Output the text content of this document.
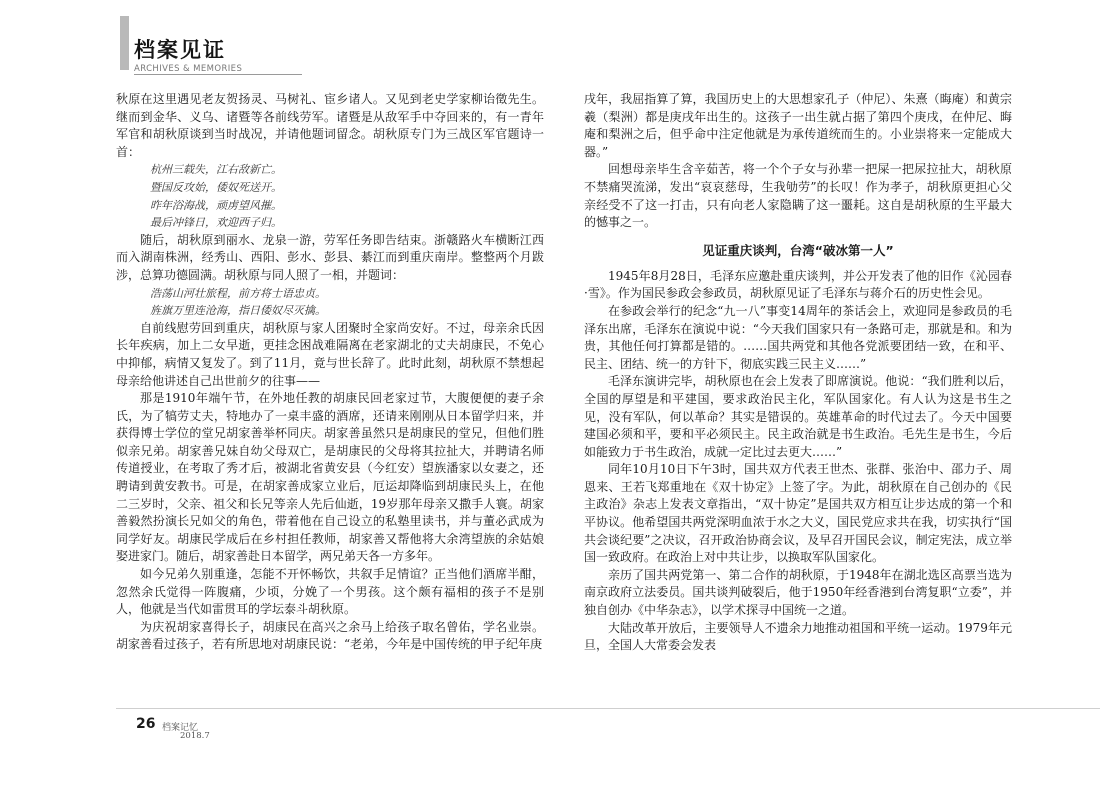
档案见证
ARCHIVES & MEMORIES

秋原在这里遇见老友贺扬灵、马树礼、宦乡诸人。又见到老史学家柳诒徵先生。继而到金华、义乌、诸暨等各前线劳军。诸暨是从敌军手中夺回来的，有一青年军官和胡秋原谈到当时战况，并请他题词留念。胡秋原专门为三战区军官题诗一首：

杭州三载失，江右敌新亡。
暨国反攻始，倭奴死送开。
昨年浴海战，顽虏望风摧。
最后冲锋日，欢迎西子归。

随后，胡秋原到丽水、龙泉一游，劳军任务即告结束。浙赣路火车横断江西而入湖南株洲，经秀山、西阳、彭水、彭县、綦江而到重庆南岸。整整两个月跋涉，总算功德圆满。胡秋原与同人照了一相，并题词：

浩荡山河壮旅程，前方将士语忠贞。
旌旗万里连沧海，指日倭奴尽灭擒。

自前线慰劳回到重庆，胡秋原与家人团聚时全家尚安好。不过，母亲余氏因长年疾病，加上二女早逝，更挂念困战难隔离在老家湖北的丈夫胡康民，不免心中抑郁，病情又复发了。到了11月，竟与世长辞了。此时此刻，胡秋原不禁想起母亲给他讲述自己出世前夕的往事——

那是1910年端午节，在外地任教的胡康民回老家过节，大腹便便的妻子余氏，为了犒劳丈夫，特地办了一桌丰盛的酒席，还请来刚刚从日本留学归来，并获得博士学位的堂兄胡家善举杯同庆。胡家善虽然只是胡康民的堂兄，但他们胜似亲兄弟。胡家善兄妹自幼父母双亡，是胡康民的父母将其拉扯大，并聘请名师传道授业，在考取了秀才后，被湖北省黄安县（今红安）望族潘家以女妻之，还聘请到黄安教书。可是，在胡家善成家立业后，厄运却降临到胡康民头上，在他二三岁时，父亲、祖父和长兄等亲人先后仙逝，19岁那年母亲又撒手人寰。胡家善毅然扮演长兄如父的角色，带着他在自己设立的私塾里读书，并与董必武成为同学好友。胡康民学成后在乡村担任教师，胡家善又帮他将大余湾望族的余姑娘娶进家门。随后，胡家善赴日本留学，两兄弟天各一方多年。

如今兄弟久别重逢，怎能不开怀畅饮，共叙手足情谊？正当他们酒席半酣，忽然余氏觉得一阵腹痛，少顷，分娩了一个男孩。这个颇有福相的孩子不是别人，他就是当代如雷贯耳的学坛泰斗胡秋原。

为庆祝胡家喜得长子，胡康民在高兴之余马上给孩子取名曾佑，学名业崇。胡家善看过孩子，若有所思地对胡康民说：“老弟，今年是中国传统的甲子纪年庚

戌年，我屈指算了算，我国历史上的大思想家孔子（仲尼）、朱熹（晦庵）和黄宗羲（梨洲）都是庚戌年出生的。这孩子一出生就占据了第四个庚戌，在仲尼、晦庵和梨洲之后，但乎命中注定他就是为承传道统而生的。小业崇将来一定能成大器。”

回想母亲毕生含辛茹苦，将一个个子女与孙辈一把屎一把尿拉扯大，胡秋原不禁痛哭流涕，发出“哀哀慈母，生我劬劳”的长叹！作为孝子，胡秋原更担心父亲经受不了这一打击，只有向老人家隐瞒了这一噩耗。这自是胡秋原的生平最大的憾事之一。

见证重庆谈判，台湾“破冰第一人”

1945年8月28日，毛泽东应邀赴重庆谈判，并公开发表了他的旧作《沁园春·雪》。作为国民参政会参政员，胡秋原见证了毛泽东与蒋介石的历史性会见。

在参政会举行的纪念“九一八”事变14周年的茶话会上，欢迎同是参政员的毛泽东出席，毛泽东在演说中说：“今天我们国家只有一条路可走，那就是和。和为贵，其他任何打算都是错的。……国共两党和其他各党派要团结一致，在和平、民主、团结、统一的方针下，彻底实践三民主义……”

毛泽东演讲完毕，胡秋原也在会上发表了即席演说。他说：“我们胜利以后，全国的厚望是和平建国，要求政治民主化，军队国家化。有人认为这是书生之见，没有军队，何以革命？其实是错误的。英雄革命的时代过去了。今天中国要建国必须和平，要和平必须民主。民主政治就是书生政治。毛先生是书生，今后如能致力于书生政治，成就一定比过去更大……”

同年10月10日下午3时，国共双方代表王世杰、张群、张治中、邵力子、周恩来、王若飞郑重地在《双十协定》上签了字。为此，胡秋原在自己创办的《民主政治》杂志上发表文章指出，“双十协定”是国共双方相互让步达成的第一个和平协议。他希望国共两党深明血浓于水之大义，国民党应求共在我，切实执行“国共会谈纪要”之决议，召开政治协商会议，及早召开国民会议，制定宪法，成立举国一致政府。在政治上对中共让步，以换取军队国家化。

亲历了国共两党第一、第二合作的胡秋原，于1948年在湖北选区高票当选为南京政府立法委员。国共谈判破裂后，他于1950年经香港到台湾复职“立委”，并独自创办《中华杂志》，以学术探寻中国统一之道。

大陆改革开放后，主要领导人不遗余力地推动祖国和平统一运动。1979年元旦，全国人大常委会发表

26 档案记忆
2018.7
